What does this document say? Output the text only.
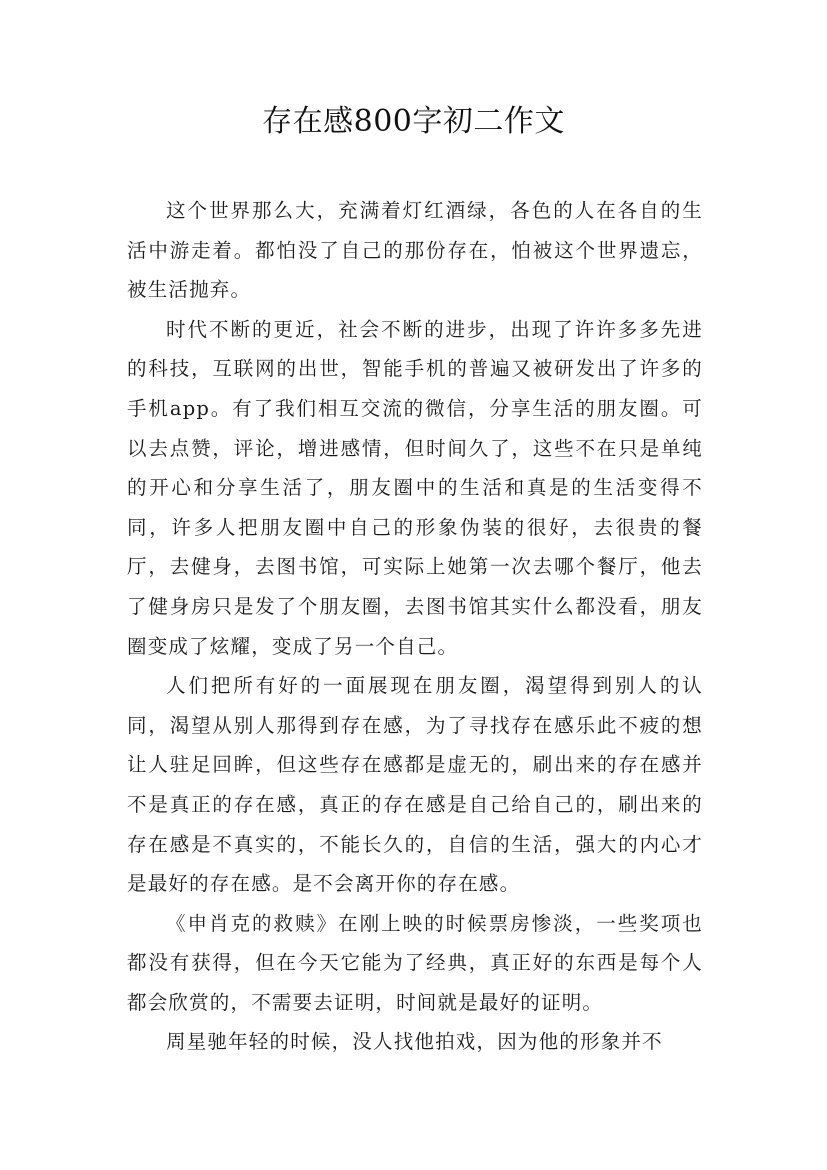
存在感800字初二作文

这个世界那么大，充满着灯红酒绿，各色的人在各自的生活中游走着。都怕没了自己的那份存在，怕被这个世界遗忘，被生活抛弃。

时代不断的更近，社会不断的进步，出现了许许多多先进的科技，互联网的出世，智能手机的普遍又被研发出了许多的手机app。有了我们相互交流的微信，分享生活的朋友圈。可以去点赞，评论，增进感情，但时间久了，这些不在只是单纯的开心和分享生活了，朋友圈中的生活和真是的生活变得不同，许多人把朋友圈中自己的形象伪装的很好，去很贵的餐厅，去健身，去图书馆，可实际上她第一次去哪个餐厅，他去了健身房只是发了个朋友圈，去图书馆其实什么都没看，朋友圈变成了炫耀，变成了另一个自己。

人们把所有好的一面展现在朋友圈，渴望得到别人的认同，渴望从别人那得到存在感，为了寻找存在感乐此不疲的想让人驻足回眸，但这些存在感都是虚无的，刷出来的存在感并不是真正的存在感，真正的存在感是自己给自己的，刷出来的存在感是不真实的，不能长久的，自信的生活，强大的内心才是最好的存在感。是不会离开你的存在感。

《申肖克的救赎》在刚上映的时候票房惨淡，一些奖项也都没有获得，但在今天它能为了经典，真正好的东西是每个人都会欣赏的，不需要去证明，时间就是最好的证明。

周星驰年轻的时候，没人找他拍戏，因为他的形象并不
